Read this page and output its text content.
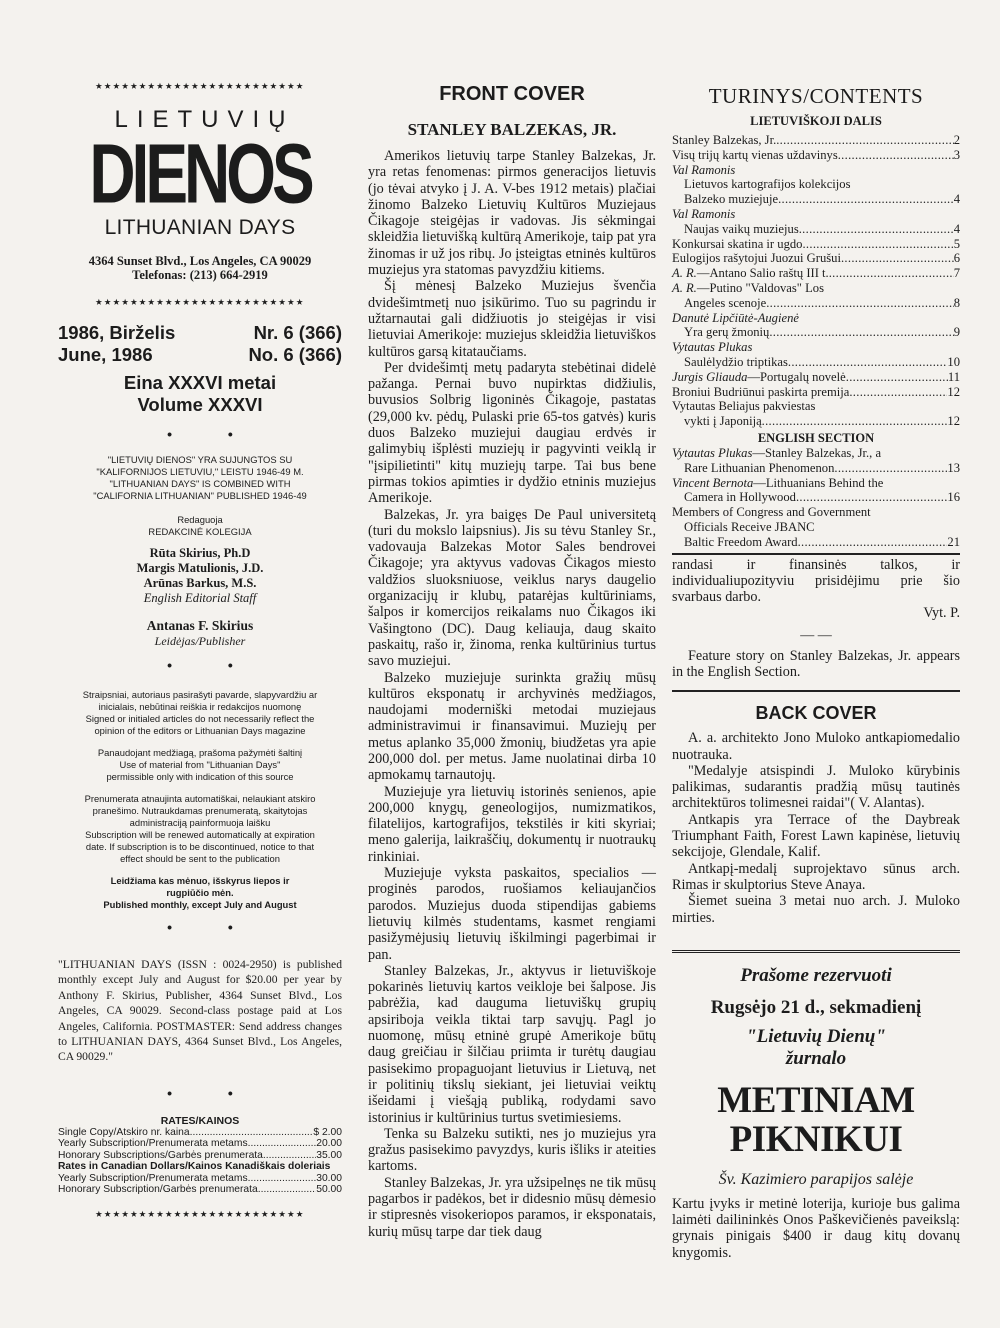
★★★★★★★★★★★★★★★★★★★★★★★★
LIETUVIŲ
DIENOS
LITHUANIAN DAYS
4364 Sunset Blvd., Los Angeles, CA 90029
Telefonas: (213) 664-2919
★★★★★★★★★★★★★★★★★★★★★★★★
1986, Birželis	Nr. 6 (366)
June, 1986	No. 6 (366)
Eina XXXVI metai
Volume XXXVI
• •
"LIETUVIŲ DIENOS" YRA SUJUNGTOS SU
"KALIFORNIJOS LIETUVIU," LEISTU 1946-49 M.
"LITHUANIAN DAYS" IS COMBINED WITH
"CALIFORNIA LITHUANIAN" PUBLISHED 1946-49
Redaguoja
REDAKCINĖ KOLEGIJA
Rūta Skirius, Ph.D
Margis Matulionis, J.D.
Arūnas Barkus, M.S.
English Editorial Staff
Antanas F. Skirius
Leidėjas/Publisher
• •
Straipsniai, autoriaus pasirašyti pavarde, slapyvardžiu ar
inicialais, nebūtinai reiškia ir redakcijos nuomonę
Signed or initialed articles do not necessarily reflect the
opinion of the editors or Lithuanian Days magazine
Panaudojant medžiagą, prašoma pažymėti šaltinį
Use of material from "Lithuanian Days"
permissible only with indication of this source
Prenumerata atnaujinta automatiškai, nelaukiant atskiro
pranešimo. Nutraukdamas prenumeratą, skaitytojas
administraciją painformuoja laišku
Subscription will be renewed automatically at expiration
date. If subscription is to be discontinued, notice to that
effect should be sent to the publication
Leidžiama kas mėnuo, išskyrus liepos ir
rugpiūčio mėn.
Published monthly, except July and August
• •
"LITHUANIAN DAYS (ISSN : 0024-2950) is published monthly except July and August for $20.00 per year by Anthony F. Skirius, Publisher, 4364 Sunset Blvd., Los Angeles, CA 90029. Second-class postage paid at Los Angeles, California. POSTMASTER: Send address changes to LITHUANIAN DAYS, 4364 Sunset Blvd., Los Angeles, CA 90029."
• •
RATES/KAINOS
Single Copy/Atskiro nr. kaina .....	$ 2.00
Yearly Subscription/Prenumerata metams .....	20.00
Honorary Subscriptions/Garbės prenumerata .....	35.00
Rates in Canadian Dollars/Kainos Kanadiškais doleriais
Yearly Subscription/Prenumerata metams .....	30.00
Honorary Subscription/Garbės prenumerata .....	50.00
★★★★★★★★★★★★★★★★★★★★★★★★
FRONT COVER
STANLEY BALZEKAS, JR.

Amerikos lietuvių tarpe Stanley Balzekas, Jr. yra retas fenomenas: pirmos generacijos lietuvis (jo tėvai atvyko į J. A. V-bes 1912 metais) plačiai žinomo Balzeko Lietuvių Kultūros Muziejaus Čikagoje steigėjas ir vadovas. Jis sėkmingai skleidžia lietuvišką kultūrą Amerikoje, taip pat yra žinomas ir už jos ribų. Jo įsteigtas etninės kultūros muziejus yra statomas pavyzdžiu kitiems.

Šį mėnesį Balzeko Muziejus švenčia dvidešimtmetį nuo įsikūrimo. Tuo su pagrindu ir užtarnautai gali didžiuotis jo steigėjas ir visi lietuviai Amerikoje: muziejus skleidžia lietuviškos kultūros garsą kitataučiams.

Per dvidešimtį metų padaryta stebėtinai didelė pažanga. Pernai buvo nupirktas didžiulis, buvusios Solbrig ligoninės Čikagoje, pastatas (29,000 kv. pėdų, Pulaski prie 65-tos gatvės) kuris duos Balzeko muziejui daugiau erdvės ir galimybių išplėsti muziejų ir pagyvinti veiklą ir "įsipilietinti" kitų muziejų tarpe. Tai bus bene pirmas tokios apimties ir dydžio etninis muziejus Amerikoje.

Balzekas, Jr. yra baigęs De Paul universitetą (turi du mokslo laipsnius). Jis su tėvu Stanley Sr., vadovauja Balzekas Motor Sales bendrovei Čikagoje; yra aktyvus vadovas Čikagos miesto valdžios sluoksniuose, veiklus narys daugelio organizacijų ir klubų, patarėjas kultūriniams, šalpos ir komercijos reikalams nuo Čikagos iki Vašingtono (DC). Daug keliauja, daug skaito paskaitų, rašo ir, žinoma, renka kultūrinius turtus savo muziejui.

Balzeko muziejuje surinkta gražių mūsų kultūros eksponatų ir archyvinės medžiagos, naudojami moderniški metodai muziejaus administravimui ir finansavimui. Muziejų per metus aplanko 35,000 žmonių, biudžetas yra apie 200,000 dol. per metus. Jame nuolatinai dirba 10 apmokamų tarnautojų.

Muziejuje yra lietuvių istorinės senienos, apie 200,000 knygų, geneologijos, numizmatikos, filatelijos, kartografijos, tekstilės ir kiti skyriai; meno galerija, laikraščių, dokumentų ir nuotraukų rinkiniai.

Muziejuje vyksta paskaitos, specialios — proginės parodos, ruošiamos keliaujančios parodos. Muziejus duoda stipendijas gabiems lietuvių kilmės studentams, kasmet rengiami pasižymėjusių lietuvių iškilmingi pagerbimai ir pan.

Stanley Balzekas, Jr., aktyvus ir lietuviškoje pokarinės lietuvių kartos veikloje bei šalpose. Jis pabrėžia, kad dauguma lietuviškų grupių apsiriboja veikla tiktai tarp savųjų. Pagl jo nuomonę, mūsų etninė grupė Amerikoje būtų daug greičiau ir šilčiau priimta ir turėtų daugiau pasisekimo propaguojant lietuvius ir Lietuvą, net ir politinių tikslų siekiant, jei lietuviai veiktų išeidami į viešąją publiką, rodydami savo istorinius ir kultūrinius turtus svetimiesiems.

Tenka su Balzeku sutikti, nes jo muziejus yra gražus pasisekimo pavyzdys, kuris išliks ir ateities kartoms.

Stanley Balzekas, Jr. yra užsipelnęs ne tik mūsų pagarbos ir padėkos, bet ir didesnio mūsų dėmesio ir stipresnės visokeriopos paramos, ir eksponatais, kurių mūsų tarpe dar tiek daug

TURINYS/CONTENTS
LIETUVIŠKOJI DALIS
Stanley Balzekas, Jr. .....	2
Visų trijų kartų vienas uždavinys .....	3
Val Ramonis
Lietuvos kartografijos kolekcijos
Balzeko muziejuje .....	4
Val Ramonis
Naujas vaikų muziejus .....	4
Konkursai skatina ir ugdo .....	5
Eulogijos rašytojui Juozui Grušui .....	6
A. R.—Antano Salio raštų III t. .....	7
A. R.—Putino "Valdovas" Los
Angeles scenoje .....	8
Danutė Lipčiūtė-Augienė
Yra gerų žmonių .....	9
Vytautas Plukas
Saulėlydžio triptikas .....	10
Jurgis Gliauda—Portugalų novelė .....	11
Broniui Budriūnui paskirta premija .....	12
Vytautas Beliajus pakviestas
vykti į Japoniją .....	12
ENGLISH SECTION
Vytautas Plukas—Stanley Balzekas, Jr., a
Rare Lithuanian Phenomenon .....	13
Vincent Bernota—Lithuanians Behind the
Camera in Hollywood .....	16
Members of Congress and Government
Officials Receive JBANC
Baltic Freedom Award .....	21

randasi ir finansinės talkos, ir individualiupozityviu prisidėjimu prie šio svarbaus darbo.

Vyt. P.
— —

Feature story on Stanley Balzekas, Jr. appears in the English Section.

BACK COVER

A. a. architekto Jono Muloko antkapiomedalio nuotrauka.

"Medalyje atsispindi J. Muloko kūrybinis palikimas, sudarantis pradžią mūsų tautinės architektūros tolimesnei raidai"( V. Alantas).

Antkapis yra Terrace of the Daybreak Triumphant Faith, Forest Lawn kapinėse, lietuvių sekcijoje, Glendale, Kalif.

Antkapį-medalį suprojektavo sūnus arch. Rimas ir skulptorius Steve Anaya.

Šiemet sueina 3 metai nuo arch. J. Muloko mirties.

Prašome rezervuoti
Rugsėjo 21 d., sekmadienį
"Lietuvių Dienų"
žurnalo
METINIAM
PIKNIKUI
Šv. Kazimiero parapijos salėje

Kartu įvyks ir metinė loterija, kurioje bus galima laimėti dailininkės Onos Paškevičienės paveikslą: grynais pinigais $400 ir daug kitų dovanų knygomis.
